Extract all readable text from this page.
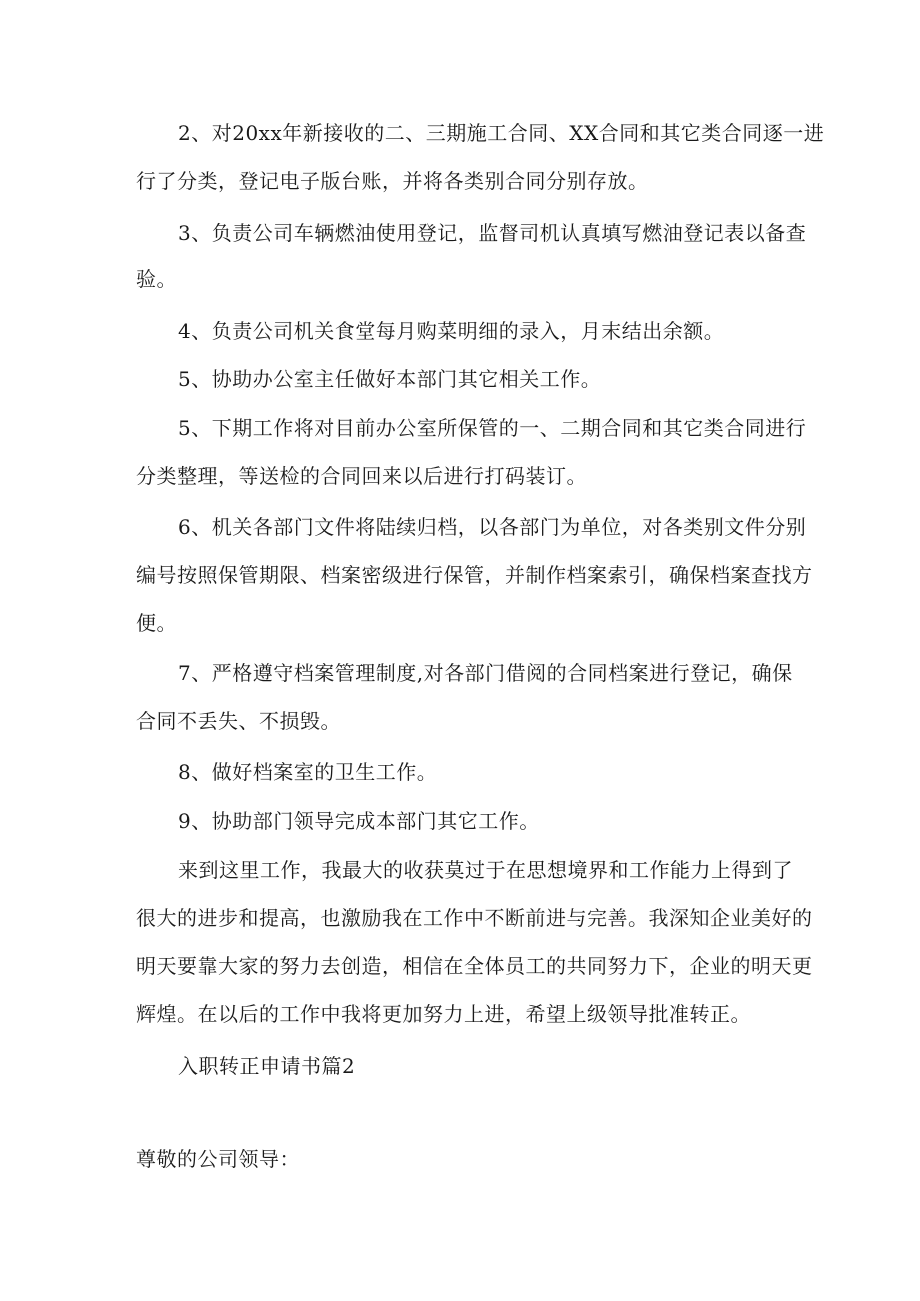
2、对20xx年新接收的二、三期施工合同、XX合同和其它类合同逐一进
行了分类，登记电子版台账，并将各类别合同分别存放。
3、负责公司车辆燃油使用登记，监督司机认真填写燃油登记表以备查
验。
4、负责公司机关食堂每月购菜明细的录入，月末结出余额。
5、协助办公室主任做好本部门其它相关工作。
5、下期工作将对目前办公室所保管的一、二期合同和其它类合同进行
分类整理，等送检的合同回来以后进行打码装订。
6、机关各部门文件将陆续归档，以各部门为单位，对各类别文件分别
编号按照保管期限、档案密级进行保管，并制作档案索引，确保档案查找方
便。
7、严格遵守档案管理制度,对各部门借阅的合同档案进行登记，确保
合同不丢失、不损毁。
8、做好档案室的卫生工作。
9、协助部门领导完成本部门其它工作。
来到这里工作，我最大的收获莫过于在思想境界和工作能力上得到了
很大的进步和提高，也激励我在工作中不断前进与完善。我深知企业美好的
明天要靠大家的努力去创造，相信在全体员工的共同努力下，企业的明天更
辉煌。在以后的工作中我将更加努力上进，希望上级领导批准转正。
入职转正申请书篇2
尊敬的公司领导：
